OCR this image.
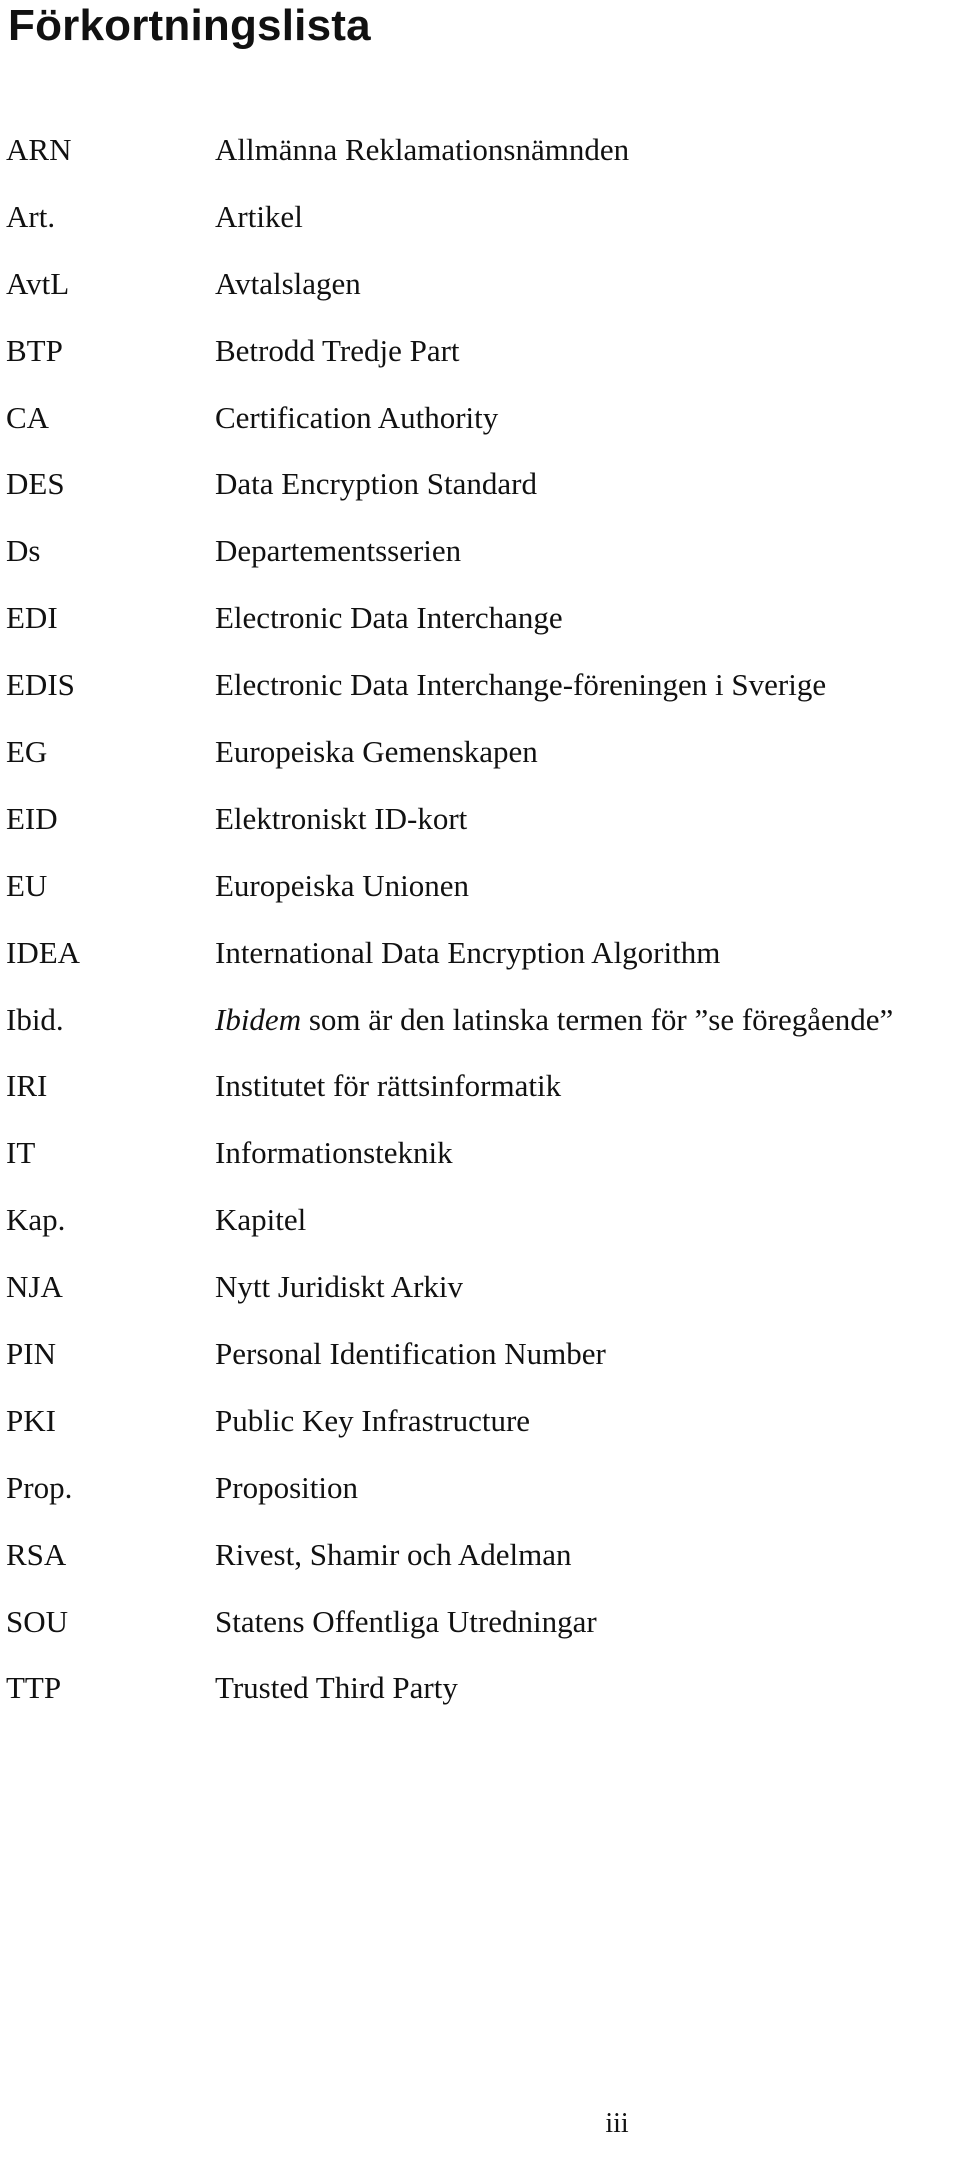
Förkortningslista
ARN	Allmänna Reklamationsnämnden
Art.	Artikel
AvtL	Avtalslagen
BTP	Betrodd Tredje Part
CA	Certification Authority
DES	Data Encryption Standard
Ds	Departementsserien
EDI	Electronic Data Interchange
EDIS	Electronic Data Interchange-föreningen i Sverige
EG	Europeiska Gemenskapen
EID	Elektroniskt ID-kort
EU	Europeiska Unionen
IDEA	International Data Encryption Algorithm
Ibid.	Ibidem som är den latinska termen för ”se föregående”
IRI	Institutet för rättsinformatik
IT	Informationsteknik
Kap.	Kapitel
NJA	Nytt Juridiskt Arkiv
PIN	Personal Identification Number
PKI	Public Key Infrastructure
Prop.	Proposition
RSA	Rivest, Shamir och Adelman
SOU	Statens Offentliga Utredningar
TTP	Trusted Third Party
iii
